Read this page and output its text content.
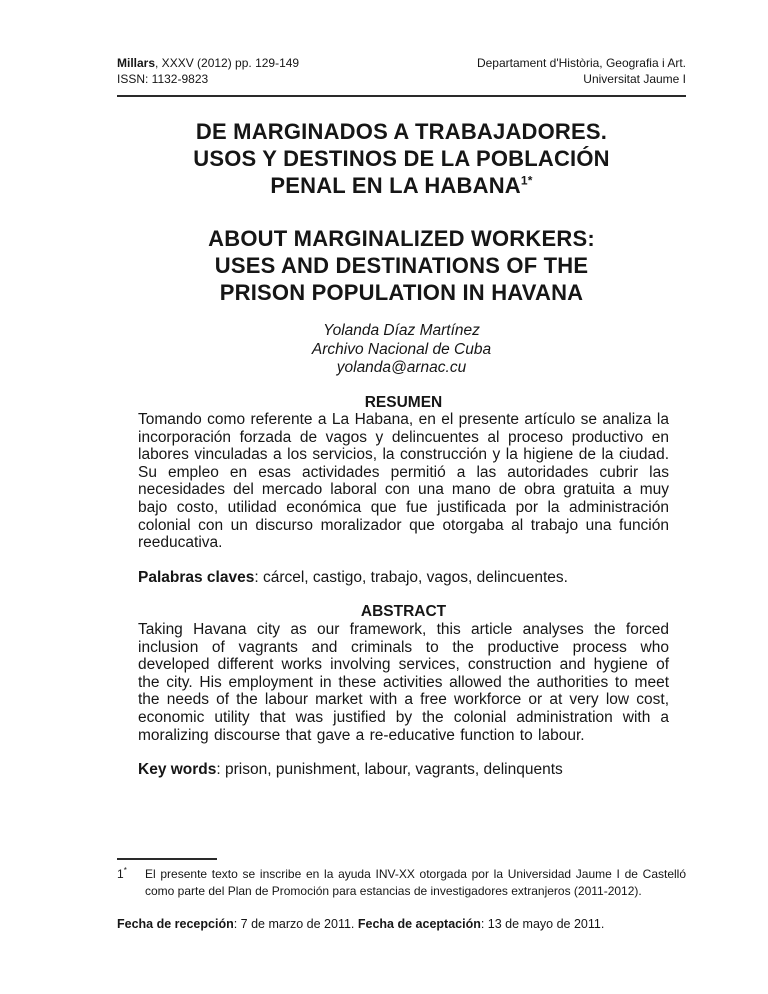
Millars, XXXV (2012) pp. 129-149
ISSN: 1132-9823
Departament d'Història, Geografia i Art.
Universitat Jaume I
DE MARGINADOS A TRABAJADORES.
USOS Y DESTINOS DE LA POBLACIÓN
PENAL EN LA $HABANA^{1*}$
ABOUT MARGINALIZED WORKERS:
USES AND DESTINATIONS OF THE
PRISON POPULATION IN HAVANA
Yolanda Díaz Martínez
Archivo Nacional de Cuba
yolanda@arnac.cu

RESUMEN

Tomando como referente a La Habana, en el presente artículo se analiza la incorporación forzada de vagos y delincuentes al proceso productivo en labores vinculadas a los servicios, la construcción y la higiene de la ciudad. Su empleo en esas actividades permitió a las autoridades cubrir las necesidades del mercado laboral con una mano de obra gratuita a muy bajo costo, utilidad económica que fue justificada por la administración colonial con un discurso moralizador que otorgaba al trabajo una función reeducativa.

Palabras claves: cárcel, castigo, trabajo, vagos, delincuentes.

ABSTRACT

Taking Havana city as our framework, this article analyses the forced inclusion of vagrants and criminals to the productive process who developed different works involving services, construction and hygiene of the city. His employment in these activities allowed the authorities to meet the needs of the labour market with a free workforce or at very low cost, economic utility that was justified by the colonial administration with a moralizing discourse that gave a re-educative function to labour.

Key words: prison, punishment, labour, vagrants, delinquents

1* El presente texto se inscribe en la ayuda INV-XX otorgada por la Universidad Jaume I de Castelló como parte del Plan de Promoción para estancias de investigadores extranjeros (2011-2012).

Fecha de recepción: 7 de marzo de 2011. Fecha de aceptación: 13 de mayo de 2011.
